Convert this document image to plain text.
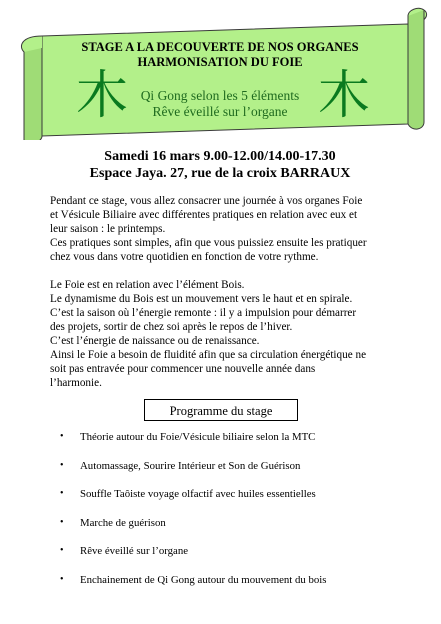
STAGE A LA DECOUVERTE DE NOS ORGANES
HARMONISATION DU FOIE
木	木
Qi Gong selon les 5 éléments
Rêve éveillé sur l’organe
Samedi 16 mars 9.00-12.00/14.00-17.30
Espace Jaya. 27, rue de la croix BARRAUX

Pendant ce stage, vous allez consacrer une journée à vos organes Foie

et Vésicule Biliaire avec différentes pratiques en relation avec eux et

leur saison : le printemps.

Ces pratiques sont simples, afin que vous puissiez ensuite les pratiquer

chez vous dans votre quotidien en fonction de votre rythme.

Le Foie est en relation avec l’élément Bois.

Le dynamisme du Bois est un mouvement vers le haut et en spirale.

C’est la saison où l’énergie remonte : il y a impulsion pour démarrer

des projets, sortir de chez soi après le repos de l’hiver.

C’est l’énergie de naissance ou de renaissance.

Ainsi le Foie a besoin de fluidité afin que sa circulation énergétique ne

soit pas entravée pour commencer une nouvelle année dans

l’harmonie.

Programme du stage
•	Théorie autour du Foie/Vésicule biliaire selon la MTC
•	Automassage, Sourire Intérieur et Son de Guérison
•	Souffle Taôiste voyage olfactif avec huiles essentielles
•	Marche de guérison
•	Rêve éveillé sur l’organe
•	Enchainement de Qi Gong autour du mouvement du bois
